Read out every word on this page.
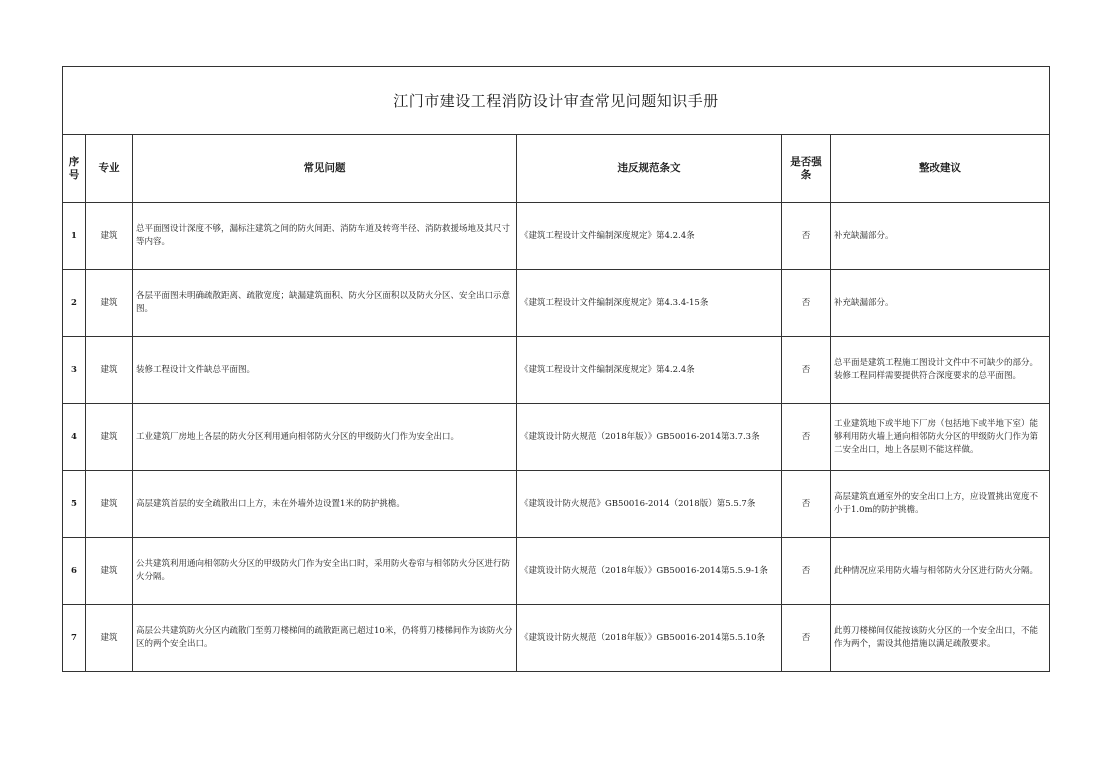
江门市建设工程消防设计审查常见问题知识手册					
序号	专业	常见问题	违反规范条文	是否强条	整改建议
1	建筑	总平面图设计深度不够，漏标注建筑之间的防火间距、消防车道及转弯半径、消防救援场地及其尺寸等内容。	《建筑工程设计文件编制深度规定》第4.2.4条	否	补充缺漏部分。
2	建筑	各层平面图未明确疏散距离、疏散宽度；缺漏建筑面积、防火分区面积以及防火分区、安全出口示意图。	《建筑工程设计文件编制深度规定》第4.3.4-15条	否	补充缺漏部分。
3	建筑	装修工程设计文件缺总平面图。	《建筑工程设计文件编制深度规定》第4.2.4条	否	总平面是建筑工程施工图设计文件中不可缺少的部分。装修工程同样需要提供符合深度要求的总平面图。
4	建筑	工业建筑厂房地上各层的防火分区利用通向相邻防火分区的甲级防火门作为安全出口。	《建筑设计防火规范（2018年版）》GB50016-2014第3.7.3条	否	工业建筑地下或半地下厂房（包括地下或半地下室）能够利用防火墙上通向相邻防火分区的甲级防火门作为第二安全出口，地上各层则不能这样做。
5	建筑	高层建筑首层的安全疏散出口上方，未在外墙外边设置1米的防护挑檐。	《建筑设计防火规范》GB50016-2014（2018版）第5.5.7条	否	高层建筑直通室外的安全出口上方，应设置挑出宽度不小于1.0m的防护挑檐。
6	建筑	公共建筑利用通向相邻防火分区的甲级防火门作为安全出口时，采用防火卷帘与相邻防火分区进行防火分隔。	《建筑设计防火规范（2018年版）》GB50016-2014第5.5.9-1条	否	此种情况应采用防火墙与相邻防火分区进行防火分隔。
7	建筑	高层公共建筑防火分区内疏散门至剪刀楼梯间的疏散距离已超过10米，仍将剪刀楼梯间作为该防火分区的两个安全出口。	《建筑设计防火规范（2018年版）》GB50016-2014第5.5.10条	否	此剪刀楼梯间仅能按该防火分区的一个安全出口，不能作为两个，需设其他措施以满足疏散要求。
